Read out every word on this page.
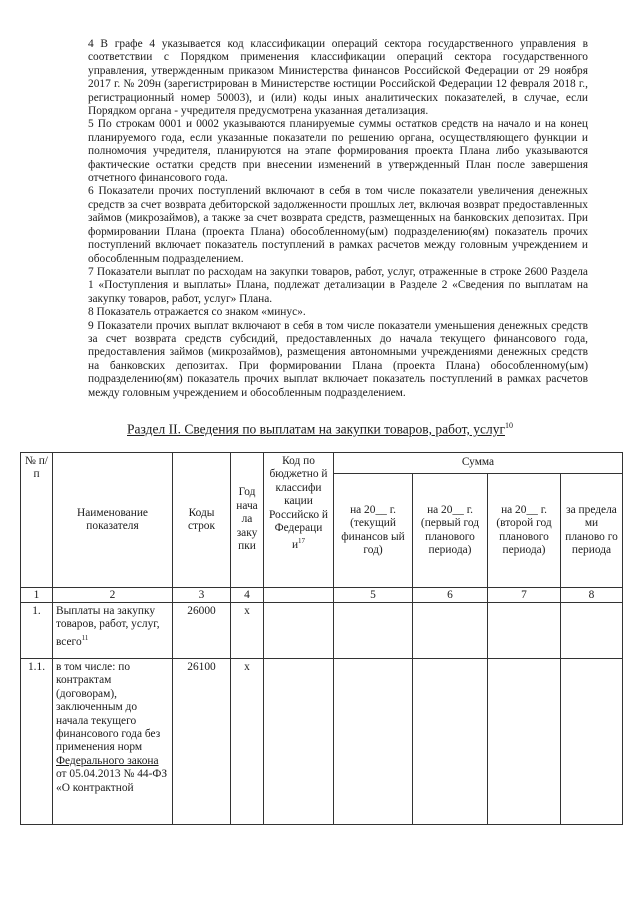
4 В графе 4 указывается код классификации операций сектора государственного управления в соответствии с Порядком применения классификации операций сектора государственного управления, утвержденным приказом Министерства финансов Российской Федерации от 29 ноября 2017 г. № 209н (зарегистрирован в Министерстве юстиции Российской Федерации 12 февраля 2018 г., регистрационный номер 50003), и (или) коды иных аналитических показателей, в случае, если Порядком органа - учредителя предусмотрена указанная детализация.

5 По строкам 0001 и 0002 указываются планируемые суммы остатков средств на начало и на конец планируемого года, если указанные показатели по решению органа, осуществляющего функции и полномочия учредителя, планируются на этапе формирования проекта Плана либо указываются фактические остатки средств при внесении изменений в утвержденный План после завершения отчетного финансового года.

6 Показатели прочих поступлений включают в себя в том числе показатели увеличения денежных средств за счет возврата дебиторской задолженности прошлых лет, включая возврат предоставленных займов (микрозаймов), а также за счет возврата средств, размещенных на банковских депозитах. При формировании Плана (проекта Плана) обособленному(ым) подразделению(ям) показатель прочих поступлений включает показатель поступлений в рамках расчетов между головным учреждением и обособленным подразделением.

7 Показатели выплат по расходам на закупки товаров, работ, услуг, отраженные в строке 2600 Раздела 1 «Поступления и выплаты» Плана, подлежат детализации в Разделе 2 «Сведения по выплатам на закупку товаров, работ, услуг» Плана.

8 Показатель отражается со знаком «минус».

9 Показатели прочих выплат включают в себя в том числе показатели уменьшения денежных средств за счет возврата средств субсидий, предоставленных до начала текущего финансового года, предоставления займов (микрозаймов), размещения автономными учреждениями денежных средств на банковских депозитах. При формировании Плана (проекта Плана) обособленному(ым) подразделению(ям) показатель прочих выплат включает показатель поступлений в рамках расчетов между головным учреждением и обособленным подразделением.

Раздел II. Сведения по выплатам на закупки товаров, работ, услуг$^{10}$
№ п/п	Наименование показателя	Коды строк	Год нача ла заку пки	Код по бюджетно й классифи кации Российско й Федераци $и^{17}$	Сумма			
					на 20__ г. (текущий финансов ый год)	на 20__ г. (первый год планового периода)	на 20__ г. (второй год планового периода)	за предела ми планово го периода
1	2	3	4		5	6	7	8
1.	Выплаты на закупку товаров, работ, услуг, всего$^{11}$	26000	x					
1.1.	в том числе: по контрактам (договорам), заключенным до начала текущего финансового года без применения норм Федерального закона от 05.04.2013 № 44-ФЗ «О контрактной	26100	x					
